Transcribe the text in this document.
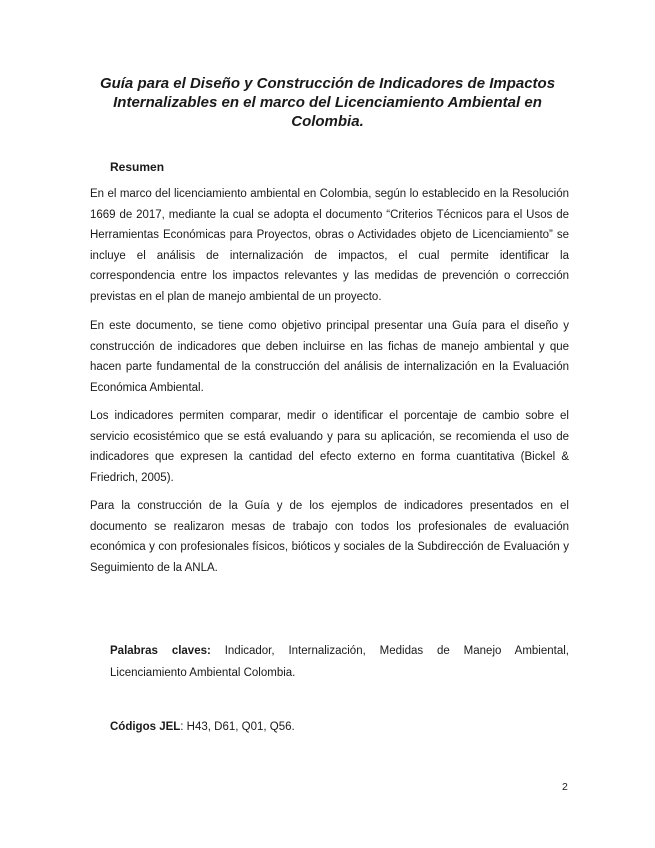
Guía para el Diseño y Construcción de Indicadores de Impactos Internalizables en el marco del Licenciamiento Ambiental en Colombia.
Resumen

En el marco del licenciamiento ambiental en Colombia, según lo establecido en la Resolución 1669 de 2017, mediante la cual se adopta el documento “Criterios Técnicos para el Usos de Herramientas Económicas para Proyectos, obras o Actividades objeto de Licenciamiento” se incluye el análisis de internalización de impactos, el cual permite identificar la correspondencia entre los impactos relevantes y las medidas de prevención o corrección previstas en el plan de manejo ambiental de un proyecto.

En este documento, se tiene como objetivo principal presentar una Guía para el diseño y construcción de indicadores que deben incluirse en las fichas de manejo ambiental y que hacen parte fundamental de la construcción del análisis de internalización en la Evaluación Económica Ambiental.

Los indicadores permiten comparar, medir o identificar el porcentaje de cambio sobre el servicio ecosistémico que se está evaluando y para su aplicación, se recomienda el uso de indicadores que expresen la cantidad del efecto externo en forma cuantitativa (Bickel & Friedrich, 2005).

Para la construcción de la Guía y de los ejemplos de indicadores presentados en el documento se realizaron mesas de trabajo con todos los profesionales de evaluación económica y con profesionales físicos, bióticos y sociales de la Subdirección de Evaluación y Seguimiento de la ANLA.

Palabras claves: Indicador, Internalización, Medidas de Manejo Ambiental, Licenciamiento Ambiental Colombia.

Códigos JEL: H43, D61, Q01, Q56.

2
